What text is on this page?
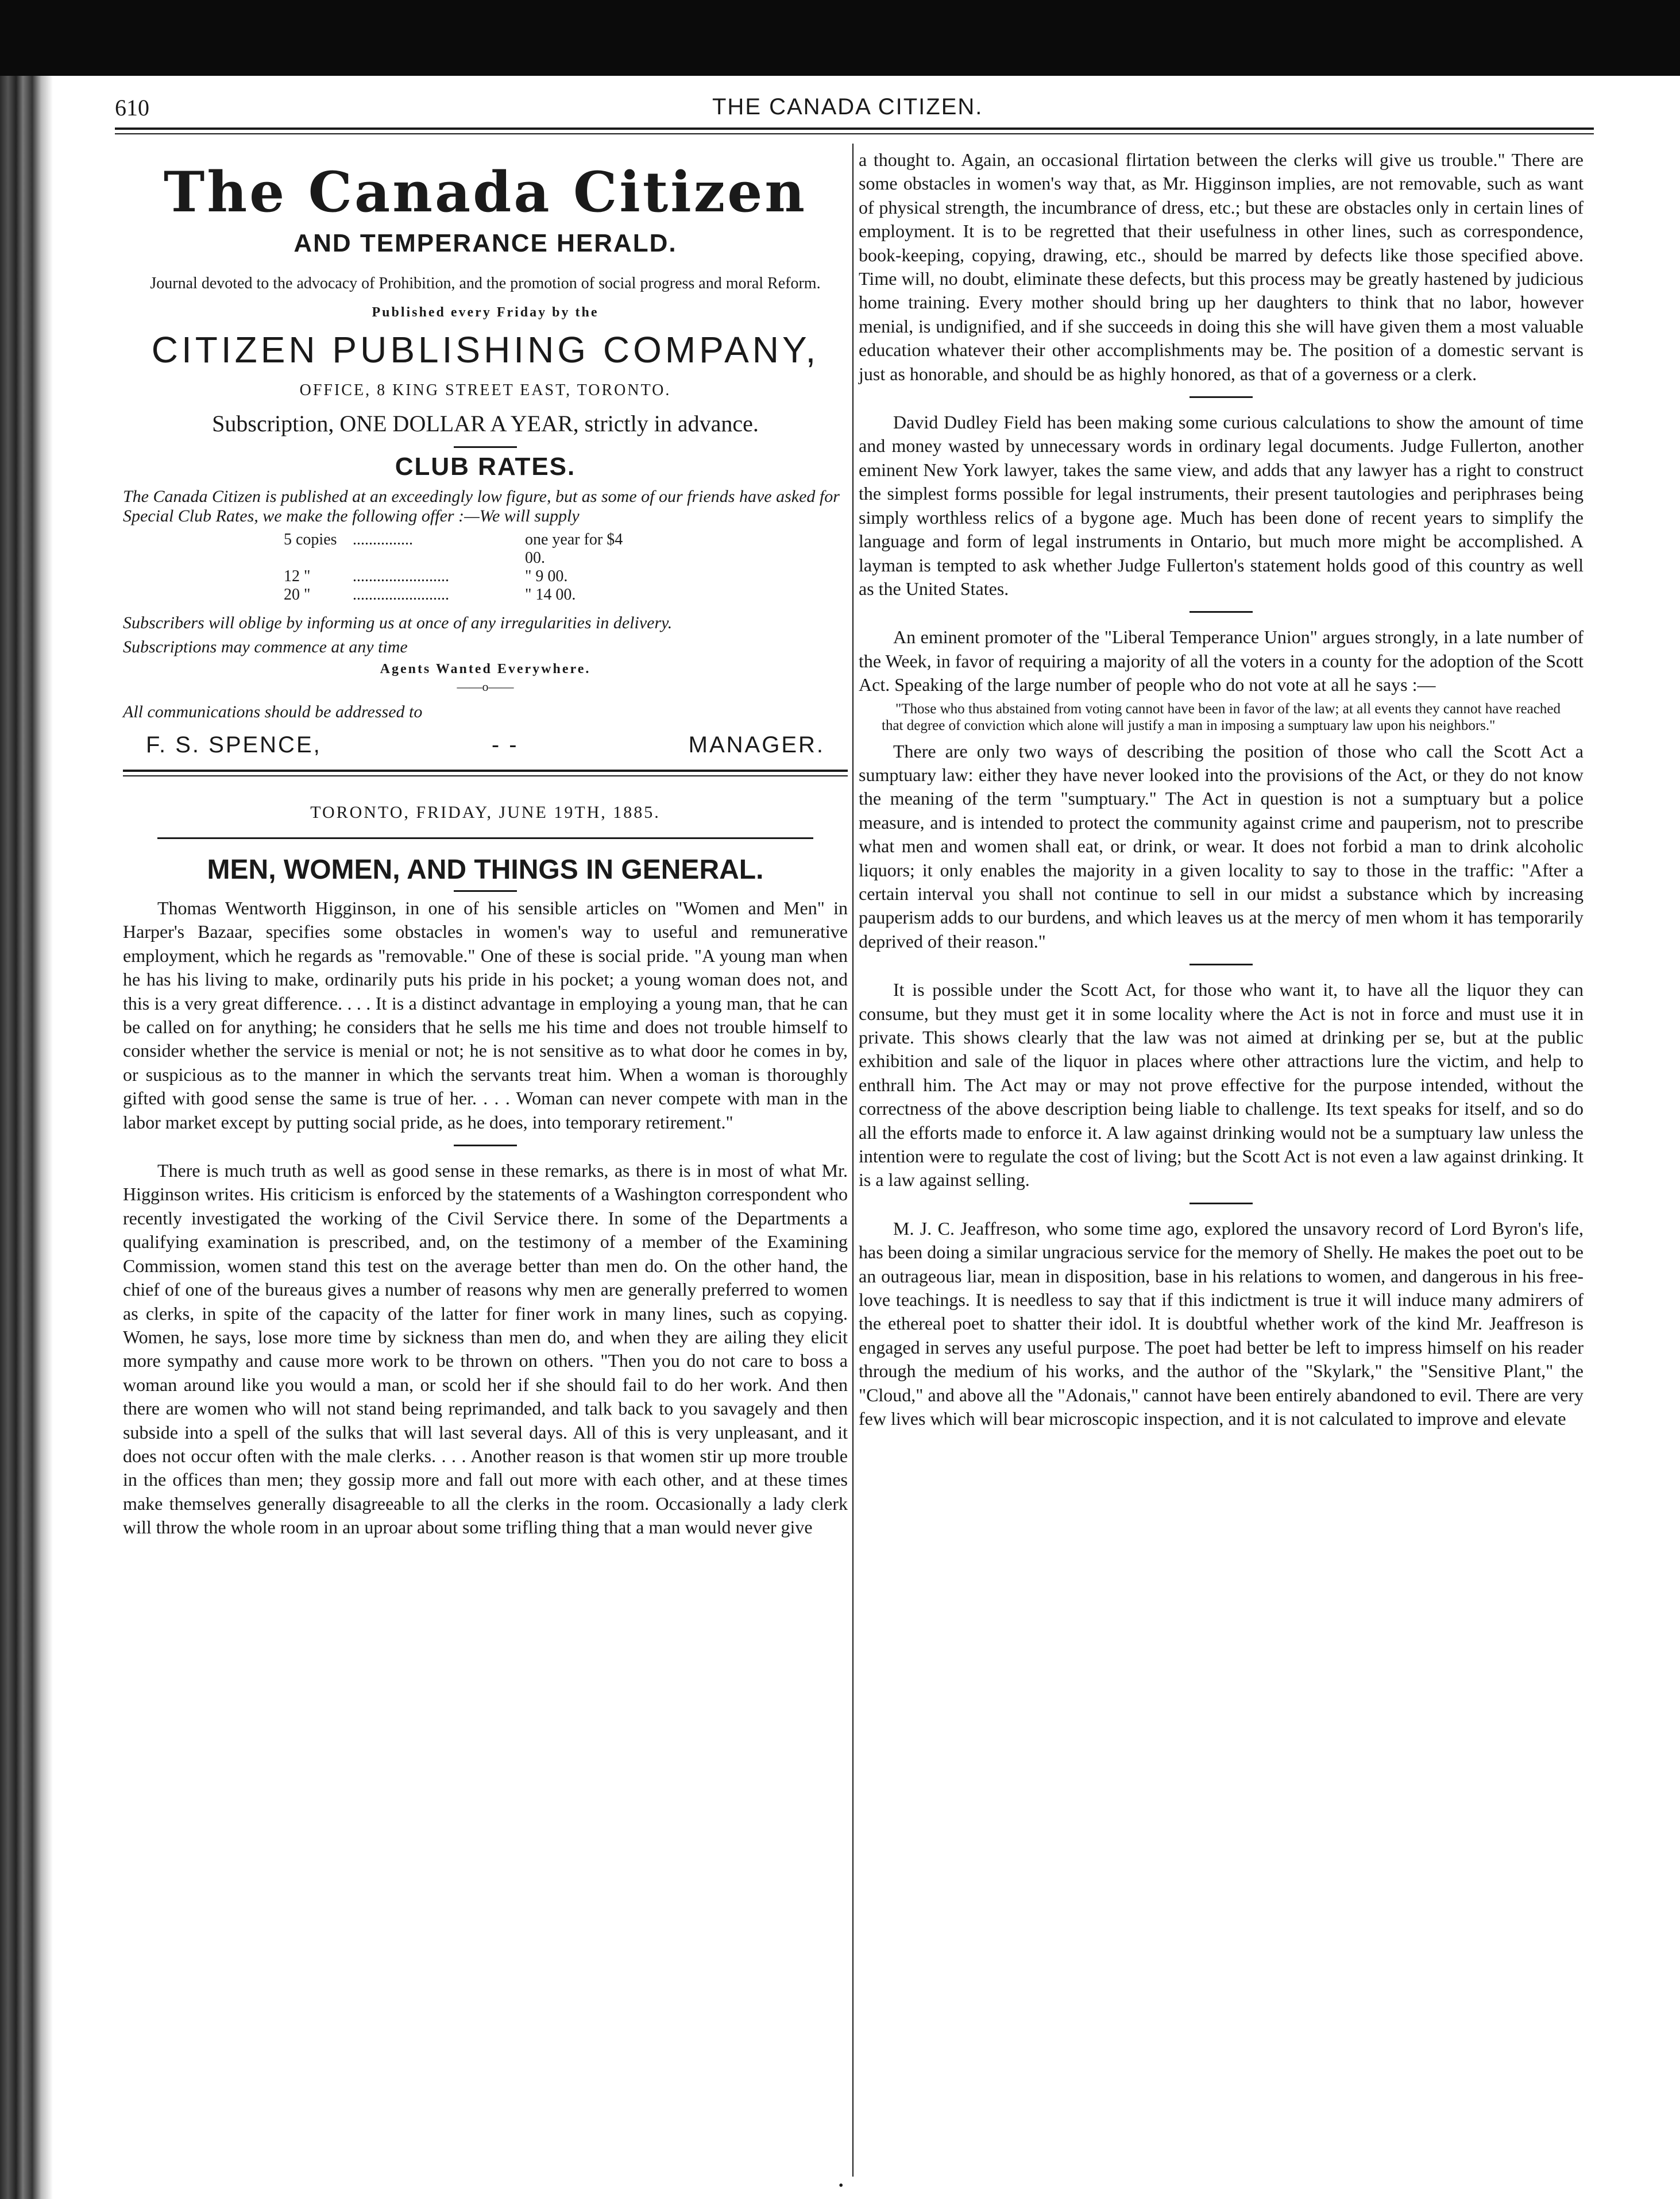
610	THE CANADA CITIZEN.
The Canada Citizen
AND TEMPERANCE HERALD.
Journal devoted to the advocacy of Prohibition, and the promotion of social progress and moral Reform.
Published every Friday by the
CITIZEN PUBLISHING COMPANY,
OFFICE, 8 KING STREET EAST, TORONTO.
Subscription, ONE DOLLAR A YEAR, strictly in advance.
CLUB RATES.
The Canada Citizen is published at an exceedingly low figure, but as some of our friends have asked for Special Club Rates, we make the following offer :—We will supply
5 copies ...............	one year for $4 00.
12 "	........................	" 9 00.
20 "	........................	" 14 00.
Subscribers will oblige by informing us at once of any irregularities in delivery.
Subscriptions may commence at any time
Agents Wanted Everywhere.
——o——
All communications should be addressed to
F. S. SPENCE,	- -	MANAGER.
TORONTO, FRIDAY, JUNE 19TH, 1885.
MEN, WOMEN, AND THINGS IN GENERAL.

Thomas Wentworth Higginson, in one of his sensible articles on "Women and Men" in Harper's Bazaar, specifies some obstacles in women's way to useful and remunerative employment, which he regards as "removable." One of these is social pride. "A young man when he has his living to make, ordinarily puts his pride in his pocket; a young woman does not, and this is a very great difference. . . . It is a distinct advantage in employing a young man, that he can be called on for anything; he considers that he sells me his time and does not trouble himself to consider whether the service is menial or not; he is not sensitive as to what door he comes in by, or suspicious as to the manner in which the servants treat him. When a woman is thoroughly gifted with good sense the same is true of her. . . . Woman can never compete with man in the labor market except by putting social pride, as he does, into temporary retirement."

There is much truth as well as good sense in these remarks, as there is in most of what Mr. Higginson writes. His criticism is enforced by the statements of a Washington correspondent who recently investigated the working of the Civil Service there. In some of the Departments a qualifying examination is prescribed, and, on the testimony of a member of the Examining Commission, women stand this test on the average better than men do. On the other hand, the chief of one of the bureaus gives a number of reasons why men are generally preferred to women as clerks, in spite of the capacity of the latter for finer work in many lines, such as copying. Women, he says, lose more time by sickness than men do, and when they are ailing they elicit more sympathy and cause more work to be thrown on others. "Then you do not care to boss a woman around like you would a man, or scold her if she should fail to do her work. And then there are women who will not stand being reprimanded, and talk back to you savagely and then subside into a spell of the sulks that will last several days. All of this is very unpleasant, and it does not occur often with the male clerks. . . . Another reason is that women stir up more trouble in the offices than men; they gossip more and fall out more with each other, and at these times make themselves generally disagreeable to all the clerks in the room. Occasionally a lady clerk will throw the whole room in an uproar about some trifling thing that a man would never give

a thought to. Again, an occasional flirtation between the clerks will give us trouble." There are some obstacles in women's way that, as Mr. Higginson implies, are not removable, such as want of physical strength, the incumbrance of dress, etc.; but these are obstacles only in certain lines of employment. It is to be regretted that their usefulness in other lines, such as correspondence, book-keeping, copying, drawing, etc., should be marred by defects like those specified above. Time will, no doubt, eliminate these defects, but this process may be greatly hastened by judicious home training. Every mother should bring up her daughters to think that no labor, however menial, is undignified, and if she succeeds in doing this she will have given them a most valuable education whatever their other accomplishments may be. The position of a domestic servant is just as honorable, and should be as highly honored, as that of a governess or a clerk.

David Dudley Field has been making some curious calculations to show the amount of time and money wasted by unnecessary words in ordinary legal documents. Judge Fullerton, another eminent New York lawyer, takes the same view, and adds that any lawyer has a right to construct the simplest forms possible for legal instruments, their present tautologies and periphrases being simply worthless relics of a bygone age. Much has been done of recent years to simplify the language and form of legal instruments in Ontario, but much more might be accomplished. A layman is tempted to ask whether Judge Fullerton's statement holds good of this country as well as the United States.

An eminent promoter of the "Liberal Temperance Union" argues strongly, in a late number of the Week, in favor of requiring a majority of all the voters in a county for the adoption of the Scott Act. Speaking of the large number of people who do not vote at all he says :—

"Those who thus abstained from voting cannot have been in favor of the law; at all events they cannot have reached that degree of conviction which alone will justify a man in imposing a sumptuary law upon his neighbors."

There are only two ways of describing the position of those who call the Scott Act a sumptuary law: either they have never looked into the provisions of the Act, or they do not know the meaning of the term "sumptuary." The Act in question is not a sumptuary but a police measure, and is intended to protect the community against crime and pauperism, not to prescribe what men and women shall eat, or drink, or wear. It does not forbid a man to drink alcoholic liquors; it only enables the majority in a given locality to say to those in the traffic: "After a certain interval you shall not continue to sell in our midst a substance which by increasing pauperism adds to our burdens, and which leaves us at the mercy of men whom it has temporarily deprived of their reason."

It is possible under the Scott Act, for those who want it, to have all the liquor they can consume, but they must get it in some locality where the Act is not in force and must use it in private. This shows clearly that the law was not aimed at drinking per se, but at the public exhibition and sale of the liquor in places where other attractions lure the victim, and help to enthrall him. The Act may or may not prove effective for the purpose intended, without the correctness of the above description being liable to challenge. Its text speaks for itself, and so do all the efforts made to enforce it. A law against drinking would not be a sumptuary law unless the intention were to regulate the cost of living; but the Scott Act is not even a law against drinking. It is a law against selling.

M. J. C. Jeaffreson, who some time ago, explored the unsavory record of Lord Byron's life, has been doing a similar ungracious service for the memory of Shelly. He makes the poet out to be an outrageous liar, mean in disposition, base in his relations to women, and dangerous in his free-love teachings. It is needless to say that if this indictment is true it will induce many admirers of the ethereal poet to shatter their idol. It is doubtful whether work of the kind Mr. Jeaffreson is engaged in serves any useful purpose. The poet had better be left to impress himself on his reader through the medium of his works, and the author of the "Skylark," the "Sensitive Plant," the "Cloud," and above all the "Adonais," cannot have been entirely abandoned to evil. There are very few lives which will bear microscopic inspection, and it is not calculated to improve and elevate

•
